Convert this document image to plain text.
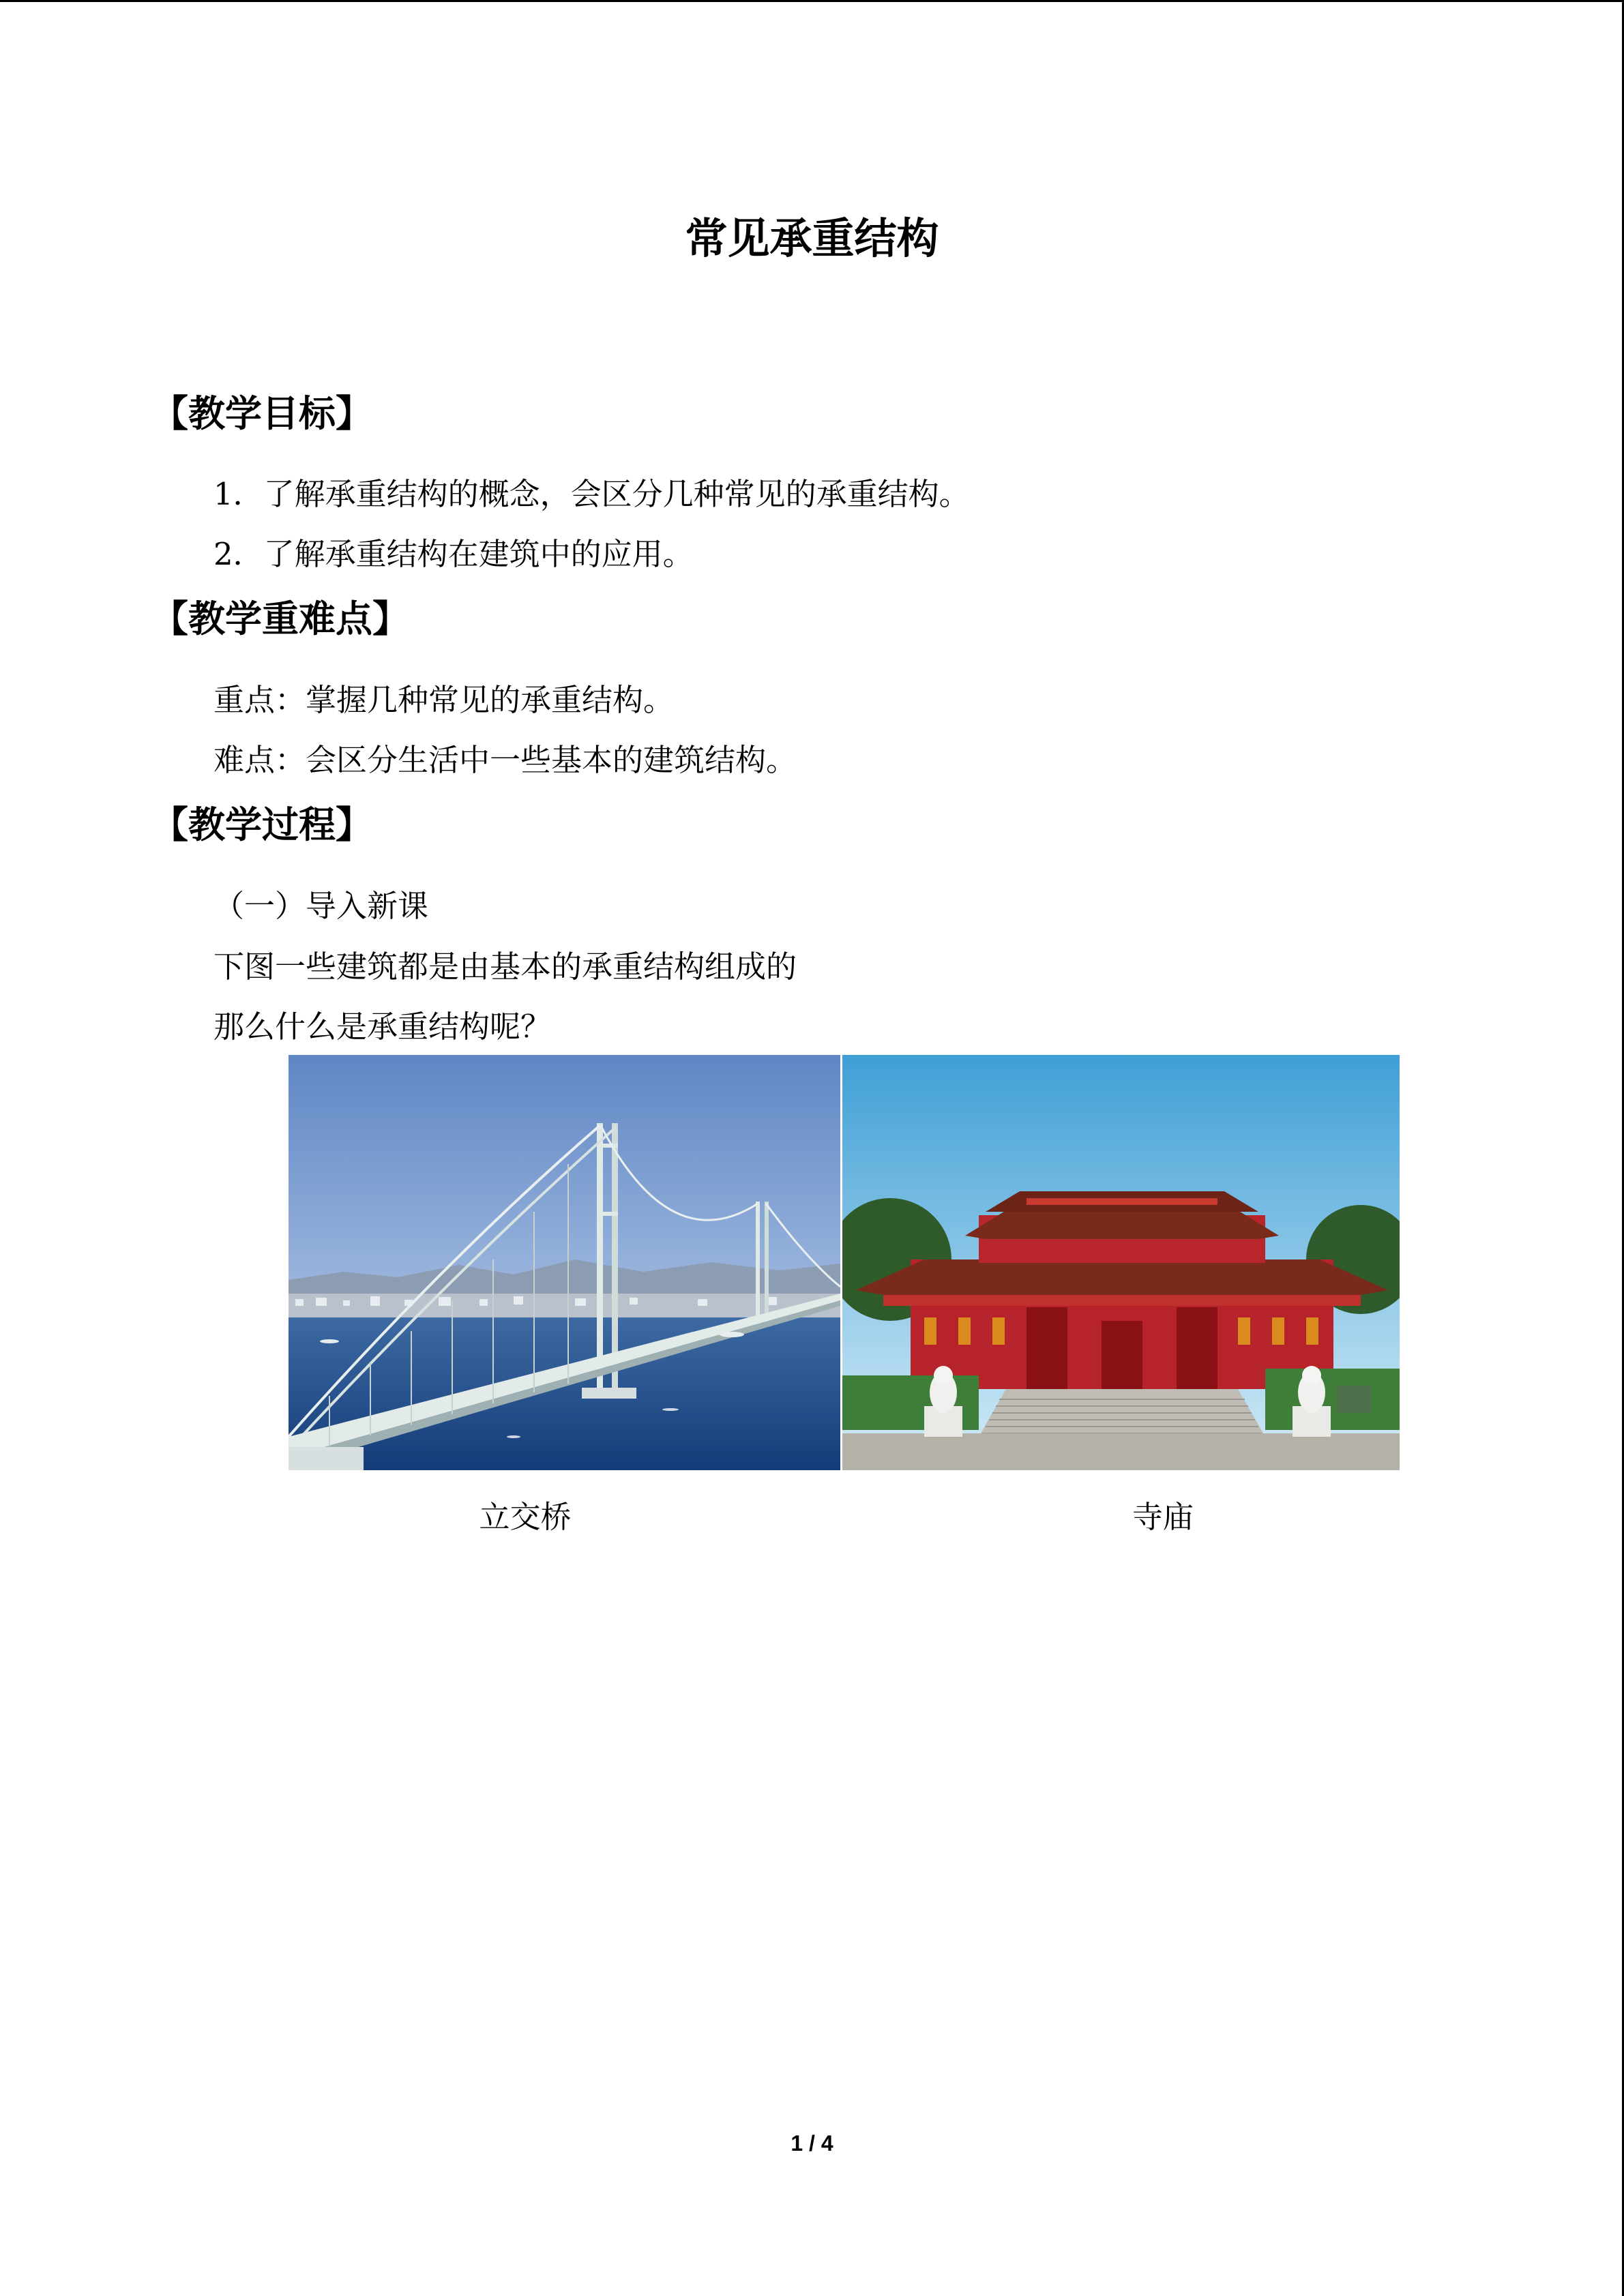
常见承重结构
【教学目标】
1．了解承重结构的概念，会区分几种常见的承重结构。
2．了解承重结构在建筑中的应用。
【教学重难点】
重点：掌握几种常见的承重结构。
难点：会区分生活中一些基本的建筑结构。
【教学过程】
（一）导入新课
下图一些建筑都是由基本的承重结构组成的
那么什么是承重结构呢？
立交桥	寺庙
1 / 4
